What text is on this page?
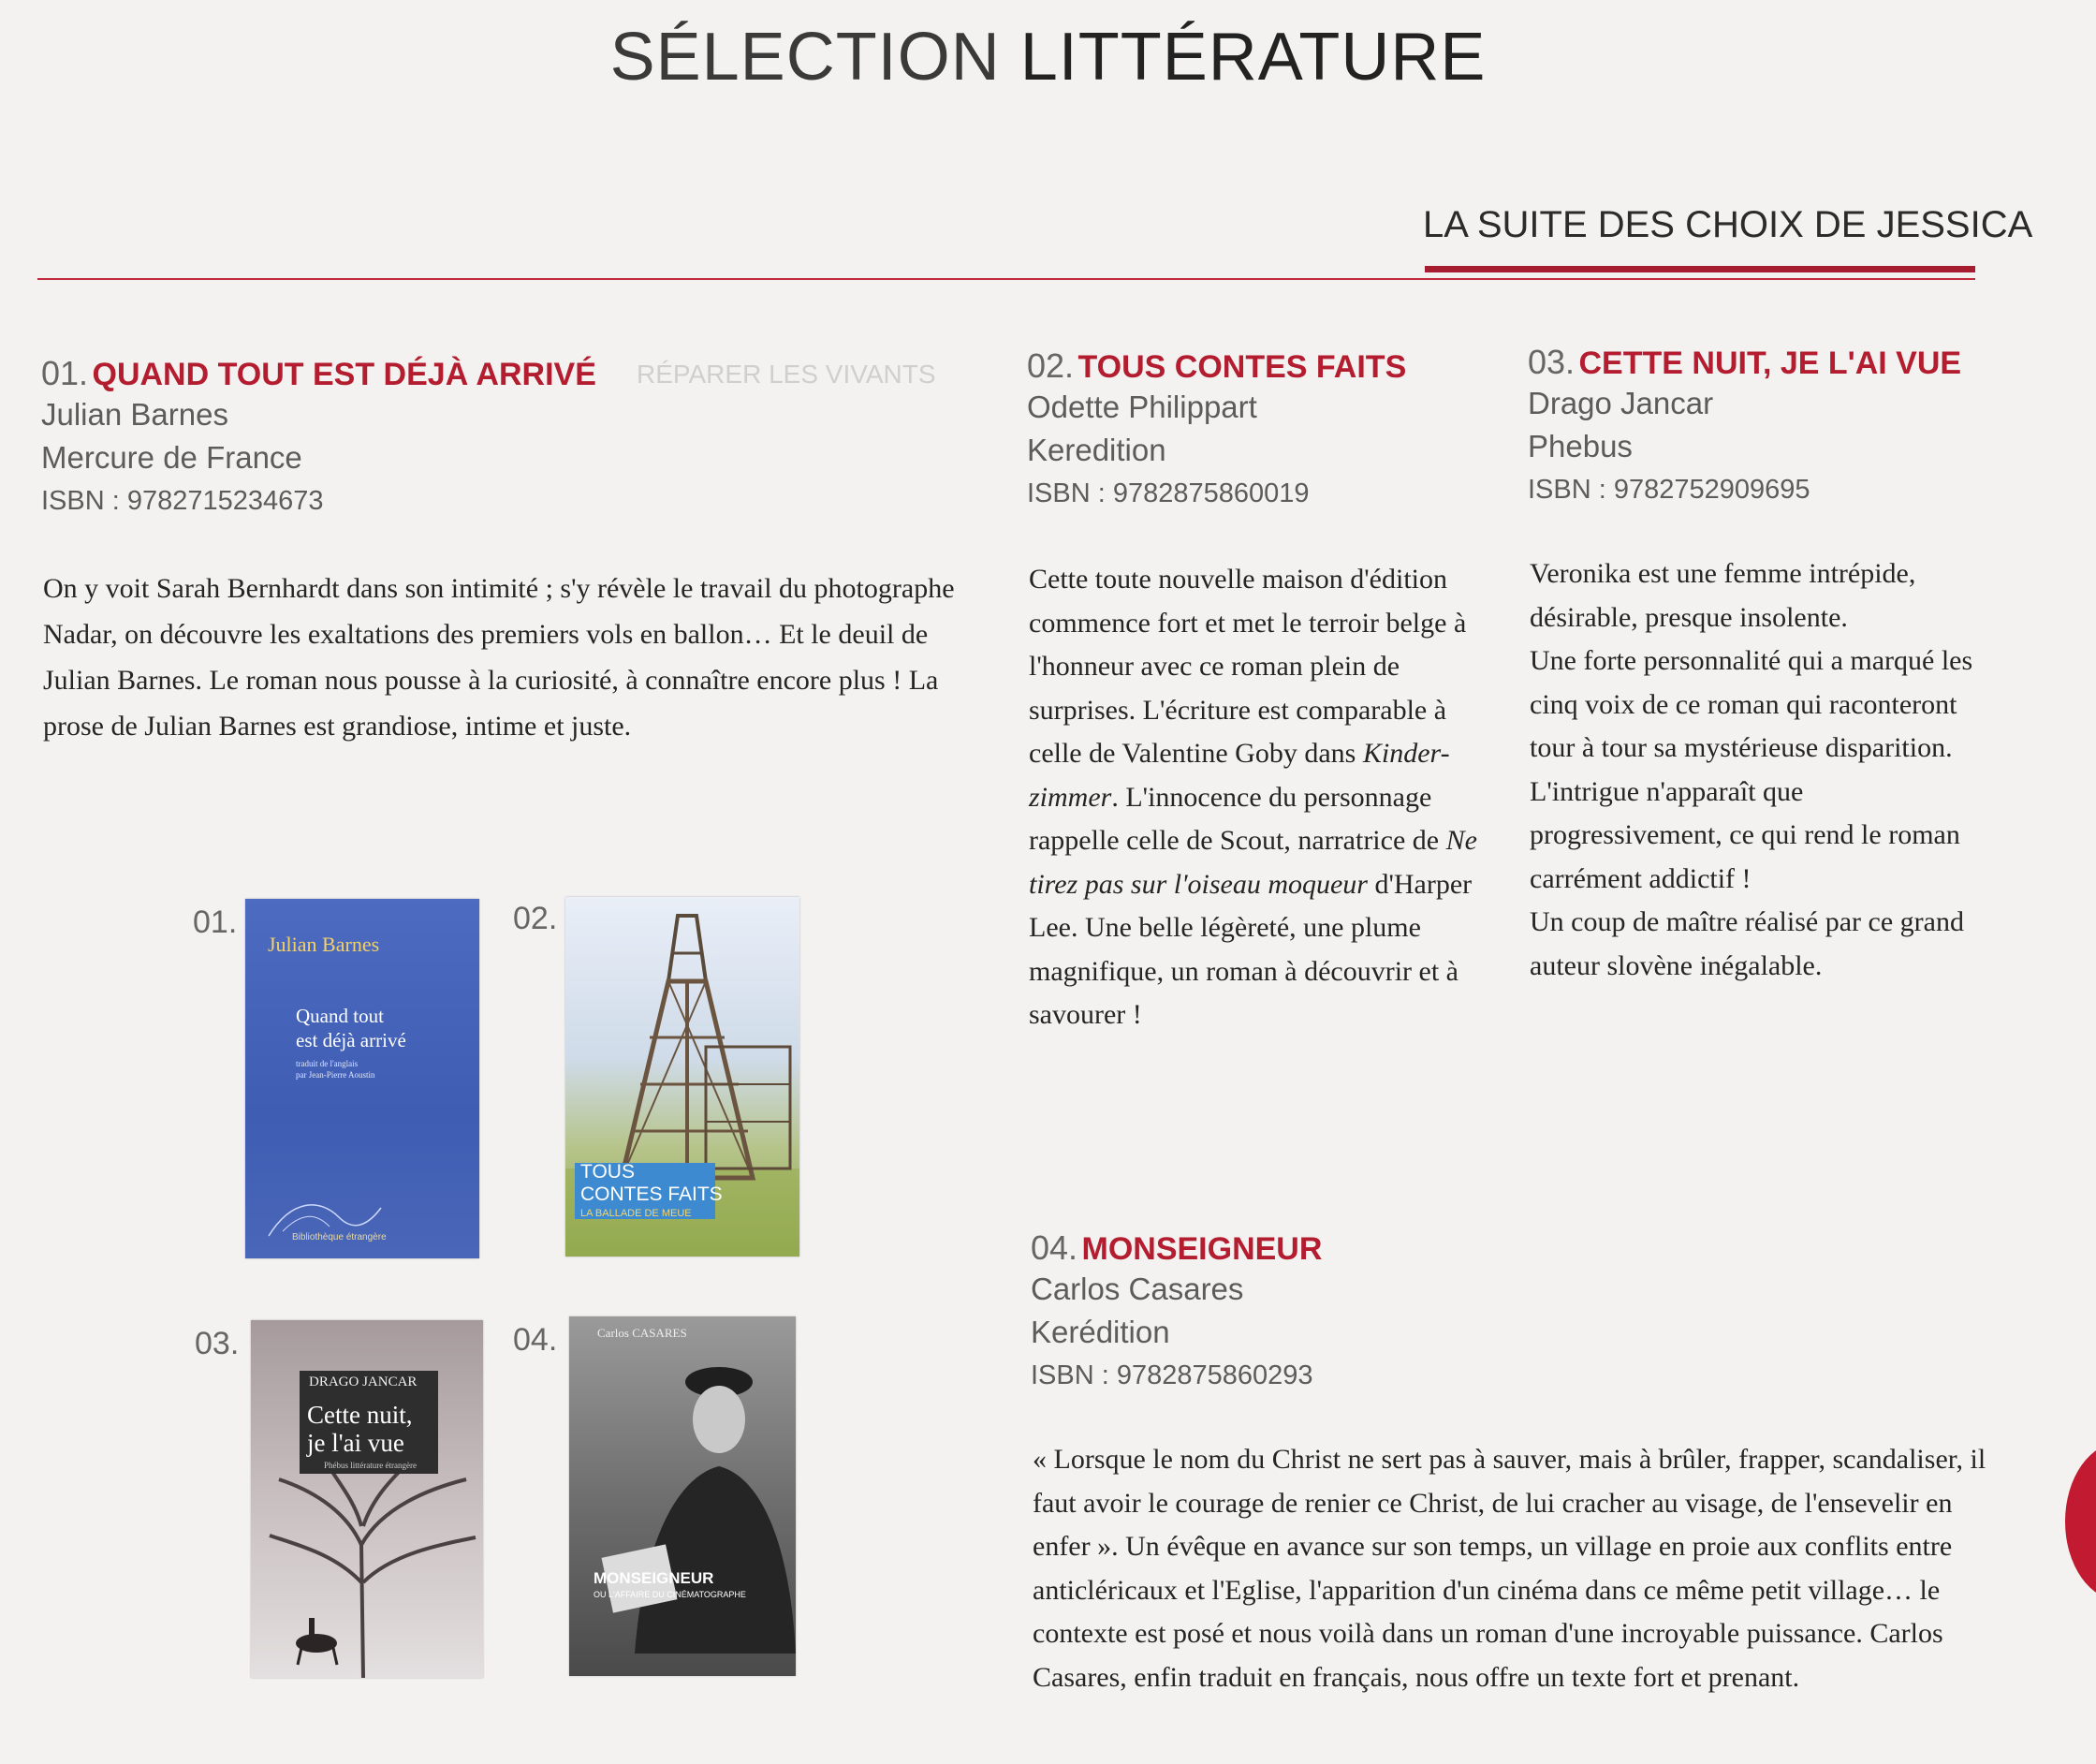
SÉLECTION LITTÉRATURE
LA SUITE DES CHOIX DE JESSICA
RÉPARER LES VIVANTS
01. QUAND TOUT EST DÉJÀ ARRIVÉ
Julian Barnes
Mercure de France
ISBN : 9782715234673
On y voit Sarah Bernhardt dans son intimité ; s'y révèle le travail du photographe Nadar, on découvre les exaltations des premiers vols en ballon… Et le deuil de Julian Barnes. Le roman nous pousse à la curiosité, à connaître encore plus ! La prose de Julian Barnes est grandiose, intime et juste.
02. TOUS CONTES FAITS
Odette Philippart
Keredition
ISBN : 9782875860019
Cette toute nouvelle maison d'édition commence fort et met le terroir belge à l'honneur avec ce roman plein de surprises. L'écriture est comparable à celle de Valentine Goby dans Kinder-zimmer. L'innocence du personnage rappelle celle de Scout, narratrice de Ne tirez pas sur l'oiseau moqueur d'Harper Lee. Une belle légèreté, une plume magnifique, un roman à découvrir et à savourer !
03. CETTE NUIT, JE L'AI VUE
Drago Jancar
Phebus
ISBN : 9782752909695
Veronika est une femme intrépide, désirable, presque insolente.
Une forte personnalité qui a marqué les cinq voix de ce roman qui raconteront tour à tour sa mystérieuse disparition. L'intrigue n'apparaît que progressivement, ce qui rend le roman carrément addictif !
Un coup de maître réalisé par ce grand auteur slovène inégalable.
04. MONSEIGNEUR
Carlos Casares
Kerédition
ISBN : 9782875860293
« Lorsque le nom du Christ ne sert pas à sauver, mais à brûler, frapper, scandaliser, il faut avoir le courage de renier ce Christ, de lui cracher au visage, de l'ensevelir en enfer ». Un évêque en avance sur son temps, un village en proie aux conflits entre anticléricaux et l'Eglise, l'apparition d'un cinéma dans ce même petit village… le contexte est posé et nous voilà dans un roman d'une incroyable puissance. Carlos Casares, enfin traduit en français, nous offre un texte fort et prenant.
01.
Julian Barnes
Quand tout
est déjà arrivé
traduit de l'anglais
par Jean-Pierre Aoustin
Bibliothèque étrangère
02.
TOUS
CONTES FAITS
LA BALLADE DE MEUE
03.
DRAGO JANCAR
Cette nuit,
je l'ai vue
Phébus littérature étrangère
04.	Carlos CASARES
MONSEIGNEUR
OU L'AFFAIRE DU CINÉMATOGRAPHE
